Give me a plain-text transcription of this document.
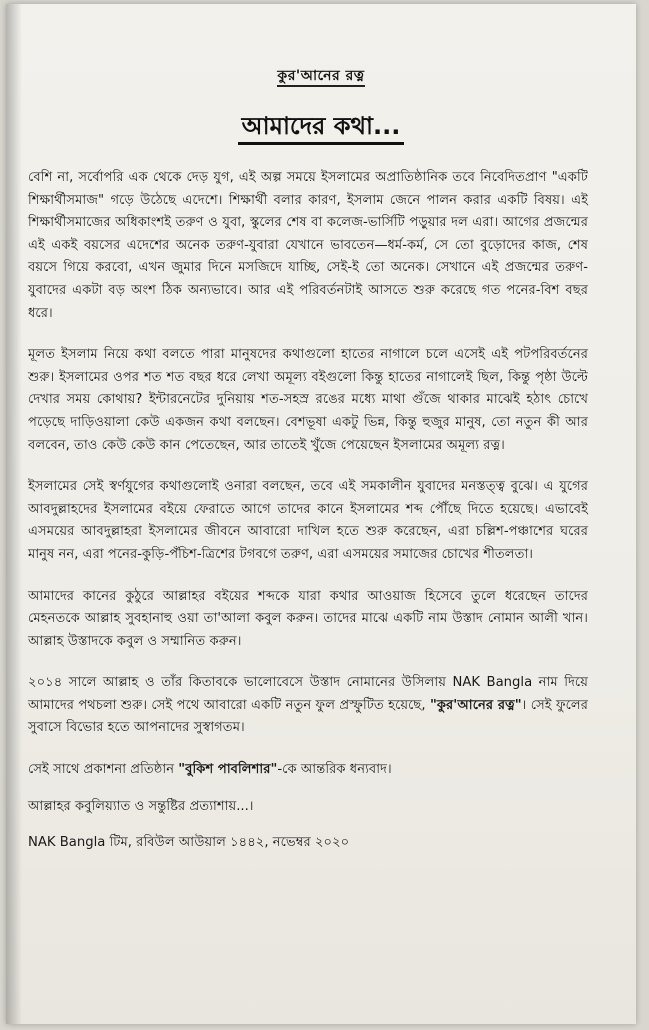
কুর'আনের রত্ন
আমাদের কথা...

বেশি না, সর্বোপরি এক থেকে দেড় যুগ, এই অল্প সময়ে ইসলামের অপ্রাতিষ্ঠানিক তবে নিবেদিতপ্রাণ "একটি শিক্ষার্থীসমাজ" গড়ে উঠেছে এদেশে। শিক্ষার্থী বলার কারণ, ইসলাম জেনে পালন করার একটি বিষয়। এই শিক্ষার্থীসমাজের অধিকাংশই তরুণ ও যুবা, স্কুলের শেষ বা কলেজ-ভার্সিটি পড়ুয়ার দল এরা। আগের প্রজন্মের এই একই বয়সের এদেশের অনেক তরুণ-যুবারা যেখানে ভাবতেন—ধর্ম-কর্ম, সে তো বুড়োদের কাজ, শেষ বয়সে গিয়ে করবো, এখন জুমার দিনে মসজিদে যাচ্ছি, সেই-ই তো অনেক। সেখানে এই প্রজন্মের তরুণ-যুবাদের একটা বড় অংশ ঠিক অন্যভাবে। আর এই পরিবর্তনটাই আসতে শুরু করেছে গত পনের-বিশ বছর ধরে।

মূলত ইসলাম নিয়ে কথা বলতে পারা মানুষদের কথাগুলো হাতের নাগালে চলে এসেই এই পটপরিবর্তনের শুরু। ইসলামের ওপর শত শত বছর ধরে লেখা অমূল্য বইগুলো কিন্তু হাতের নাগালেই ছিল, কিন্তু পৃষ্ঠা উল্টে দেখার সময় কোথায়? ইন্টারনেটের দুনিয়ায় শত-সহস্র রঙের মধ্যে মাথা গুঁজে থাকার মাঝেই হঠাৎ চোখে পড়েছে দাড়িওয়ালা কেউ একজন কথা বলছেন। বেশভূষা একটু ভিন্ন, কিন্তু হুজুর মানুষ, তো নতুন কী আর বলবেন, তাও কেউ কেউ কান পেতেছেন, আর তাতেই খুঁজে পেয়েছেন ইসলামের অমূল্য রত্ন।

ইসলামের সেই স্বর্ণযুগের কথাগুলোই ওনারা বলছেন, তবে এই সমকালীন যুবাদের মনস্তত্ত্ব বুঝে। এ যুগের আবদুল্লাহদের ইসলামের বইয়ে ফেরাতে আগে তাদের কানে ইসলামের শব্দ পৌঁছে দিতে হয়েছে। এভাবেই এসময়ের আবদুল্লাহরা ইসলামের জীবনে আবারো দাখিল হতে শুরু করেছেন, এরা চল্লিশ-পঞ্চাশের ঘরের মানুষ নন, এরা পনের-কুড়ি-পঁচিশ-ত্রিশের টগবগে তরুণ, এরা এসময়ের সমাজের চোখের শীতলতা।

আমাদের কানের কুঠুরে আল্লাহর বইয়ের শব্দকে যারা কথার আওয়াজ হিসেবে তুলে ধরেছেন তাদের মেহনতকে আল্লাহ সুবহানাহু ওয়া তা'আলা কবুল করুন। তাদের মাঝে একটি নাম উস্তাদ নোমান আলী খান। আল্লাহ উস্তাদকে কবুল ও সম্মানিত করুন।

২০১৪ সালে আল্লাহ ও তাঁর কিতাবকে ভালোবেসে উস্তাদ নোমানের উসিলায় NAK Bangla নাম দিয়ে আমাদের পথচলা শুরু। সেই পথে আবারো একটি নতুন ফুল প্রস্ফুটিত হয়েছে, "কুর'আনের রত্ন"। সেই ফুলের সুবাসে বিভোর হতে আপনাদের সুস্বাগতম।

সেই সাথে প্রকাশনা প্রতিষ্ঠান "বুকিশ পাবলিশার"-কে আন্তরিক ধন্যবাদ।

আল্লাহর কবুলিয়্যাত ও সন্তুষ্টির প্রত্যাশায়...।

NAK Bangla টিম, রবিউল আউয়াল ১৪৪২, নভেম্বর ২০২০
